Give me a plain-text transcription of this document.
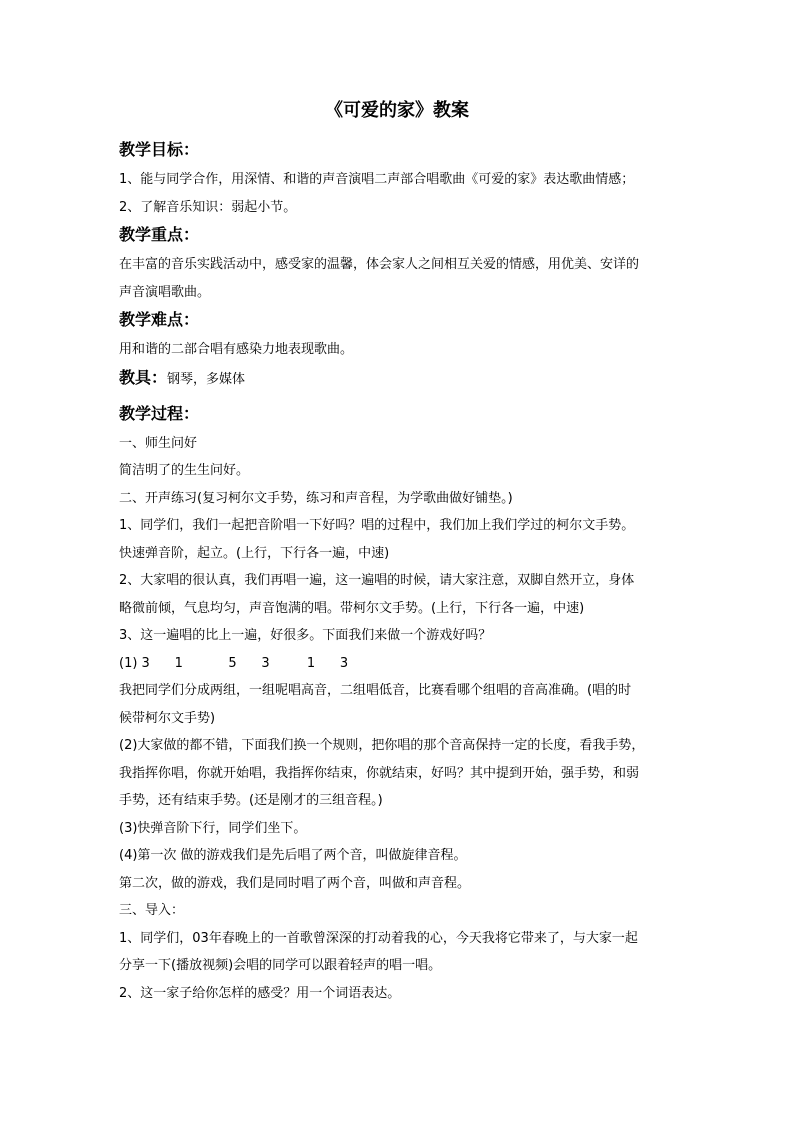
《可爱的家》教案
教学目标：
1、能与同学合作，用深情、和谐的声音演唱二声部合唱歌曲《可爱的家》表达歌曲情感；
2、了解音乐知识：弱起小节。
教学重点：
在丰富的音乐实践活动中，感受家的温馨，体会家人之间相互关爱的情感，用优美、安详的
声音演唱歌曲。
教学难点：
用和谐的二部合唱有感染力地表现歌曲。
教具：钢琴，多媒体
教学过程：
一、师生问好
简洁明了的生生问好。
二、开声练习(复习柯尔文手势，练习和声音程，为学歌曲做好铺垫。)
1、同学们，我们一起把音阶唱一下好吗？唱的过程中，我们加上我们学过的柯尔文手势。
快速弹音阶，起立。(上行，下行各一遍，中速)
2、大家唱的很认真，我们再唱一遍，这一遍唱的时候，请大家注意，双脚自然开立，身体
略微前倾，气息均匀，声音饱满的唱。带柯尔文手势。(上行，下行各一遍，中速)
3、这一遍唱的比上一遍，好很多。下面我们来做一个游戏好吗？
(1) 3      1           5      3         1      3
我把同学们分成两组，一组呢唱高音，二组唱低音，比赛看哪个组唱的音高准确。(唱的时
候带柯尔文手势)
(2)大家做的都不错，下面我们换一个规则，把你唱的那个音高保持一定的长度，看我手势，
我指挥你唱，你就开始唱，我指挥你结束，你就结束，好吗？其中提到开始，强手势，和弱
手势，还有结束手势。(还是刚才的三组音程。)
(3)快弹音阶下行，同学们坐下。
(4)第一次 做的游戏我们是先后唱了两个音，叫做旋律音程。
第二次，做的游戏，我们是同时唱了两个音，叫做和声音程。
三、导入：
1、同学们，03年春晚上的一首歌曾深深的打动着我的心，今天我将它带来了，与大家一起
分享一下(播放视频)会唱的同学可以跟着轻声的唱一唱。
2、这一家子给你怎样的感受？用一个词语表达。
